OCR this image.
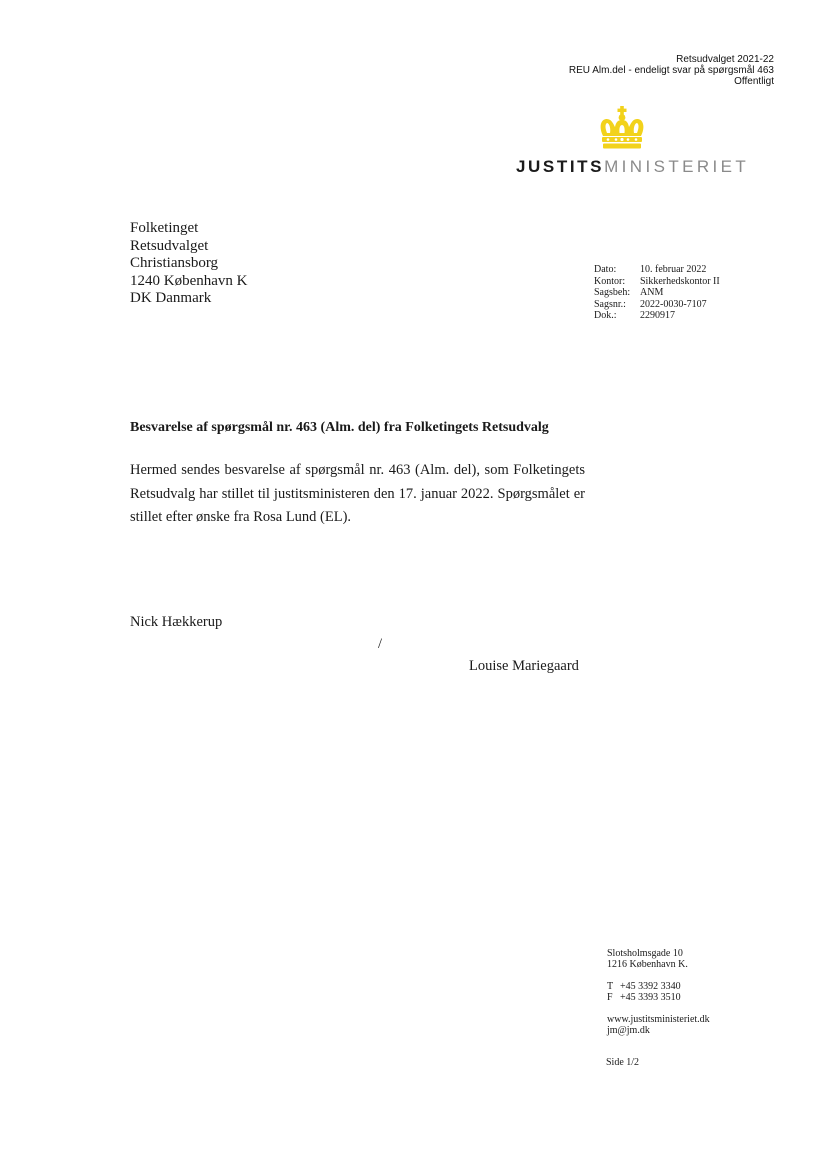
Retsudvalget 2021-22
REU Alm.del - endeligt svar på spørgsmål 463
Offentligt
JUSTITSMINISTERIET
Folketinget
Retsudvalget
Christiansborg
1240 København K
DK Danmark
Dato:	10. februar 2022
Kontor:	Sikkerhedskontor II
Sagsbeh: ANM
Sagsnr.:	2022-0030-7107
Dok.:	2290917
Besvarelse af spørgsmål nr. 463 (Alm. del) fra Folketingets Retsudvalg
Hermed sendes besvarelse af spørgsmål nr. 463 (Alm. del), som Folketingets Retsudvalg har stillet til justitsministeren den 17. januar 2022. Spørgsmålet er stillet efter ønske fra Rosa Lund (EL).
Nick Hækkerup
/
Louise Mariegaard
Slotsholmsgade 10
1216 København K.
T +45 3392 3340
F +45 3393 3510
www.justitsministeriet.dk
jm@jm.dk
Side 1/2
